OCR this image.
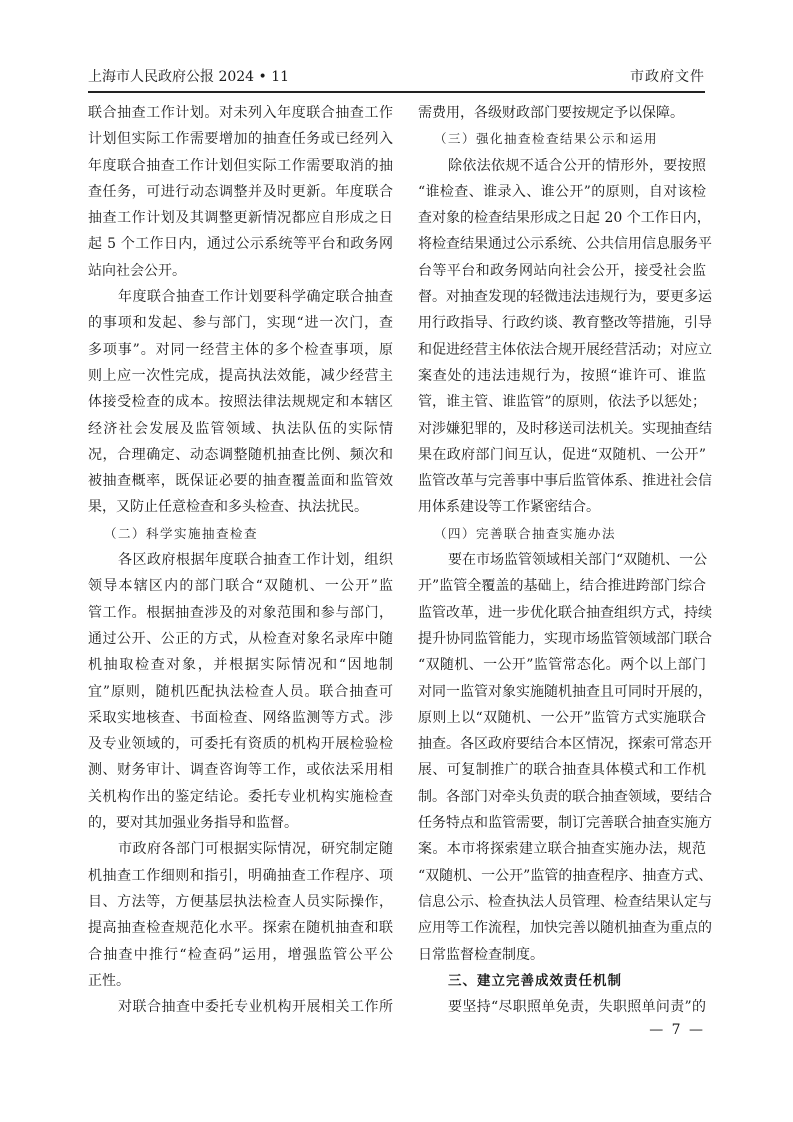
上海市人民政府公报 2024 • 11	市政府文件
联合抽查工作计划。对未列入年度联合抽查工作
计划但实际工作需要增加的抽查任务或已经列入
年度联合抽查工作计划但实际工作需要取消的抽
查任务，可进行动态调整并及时更新。年度联合
抽查工作计划及其调整更新情况都应自形成之日
起 5 个工作日内，通过公示系统等平台和政务网
站向社会公开。
年度联合抽查工作计划要科学确定联合抽查
的事项和发起、参与部门，实现“进一次门，查
多项事”。对同一经营主体的多个检查事项，原
则上应一次性完成，提高执法效能，减少经营主
体接受检查的成本。按照法律法规规定和本辖区
经济社会发展及监管领域、执法队伍的实际情
况，合理确定、动态调整随机抽查比例、频次和
被抽查概率，既保证必要的抽查覆盖面和监管效
果，又防止任意检查和多头检查、执法扰民。
（二）科学实施抽查检查
各区政府根据年度联合抽查工作计划，组织
领导本辖区内的部门联合“双随机、一公开”监
管工作。根据抽查涉及的对象范围和参与部门，
通过公开、公正的方式，从检查对象名录库中随
机抽取检查对象，并根据实际情况和“因地制
宜”原则，随机匹配执法检查人员。联合抽查可
采取实地核查、书面检查、网络监测等方式。涉
及专业领域的，可委托有资质的机构开展检验检
测、财务审计、调查咨询等工作，或依法采用相
关机构作出的鉴定结论。委托专业机构实施检查
的，要对其加强业务指导和监督。
市政府各部门可根据实际情况，研究制定随
机抽查工作细则和指引，明确抽查工作程序、项
目、方法等，方便基层执法检查人员实际操作，
提高抽查检查规范化水平。探索在随机抽查和联
合抽查中推行“检查码”运用，增强监管公平公
正性。
对联合抽查中委托专业机构开展相关工作所
需费用，各级财政部门要按规定予以保障。
（三）强化抽查检查结果公示和运用
除依法依规不适合公开的情形外，要按照
“谁检查、谁录入、谁公开”的原则，自对该检
查对象的检查结果形成之日起 20 个工作日内，
将检查结果通过公示系统、公共信用信息服务平
台等平台和政务网站向社会公开，接受社会监
督。对抽查发现的轻微违法违规行为，要更多运
用行政指导、行政约谈、教育整改等措施，引导
和促进经营主体依法合规开展经营活动；对应立
案查处的违法违规行为，按照“谁许可、谁监
管，谁主管、谁监管”的原则，依法予以惩处；
对涉嫌犯罪的，及时移送司法机关。实现抽查结
果在政府部门间互认，促进“双随机、一公开”
监管改革与完善事中事后监管体系、推进社会信
用体系建设等工作紧密结合。
（四）完善联合抽查实施办法
要在市场监管领域相关部门“双随机、一公
开”监管全覆盖的基础上，结合推进跨部门综合
监管改革，进一步优化联合抽查组织方式，持续
提升协同监管能力，实现市场监管领域部门联合
“双随机、一公开”监管常态化。两个以上部门
对同一监管对象实施随机抽查且可同时开展的，
原则上以“双随机、一公开”监管方式实施联合
抽查。各区政府要结合本区情况，探索可常态开
展、可复制推广的联合抽查具体模式和工作机
制。各部门对牵头负责的联合抽查领域，要结合
任务特点和监管需要，制订完善联合抽查实施方
案。本市将探索建立联合抽查实施办法，规范
“双随机、一公开”监管的抽查程序、抽查方式、
信息公示、检查执法人员管理、检查结果认定与
应用等工作流程，加快完善以随机抽查为重点的
日常监督检查制度。
三、建立完善成效责任机制
要坚持“尽职照单免责，失职照单问责”的
— 7 —
